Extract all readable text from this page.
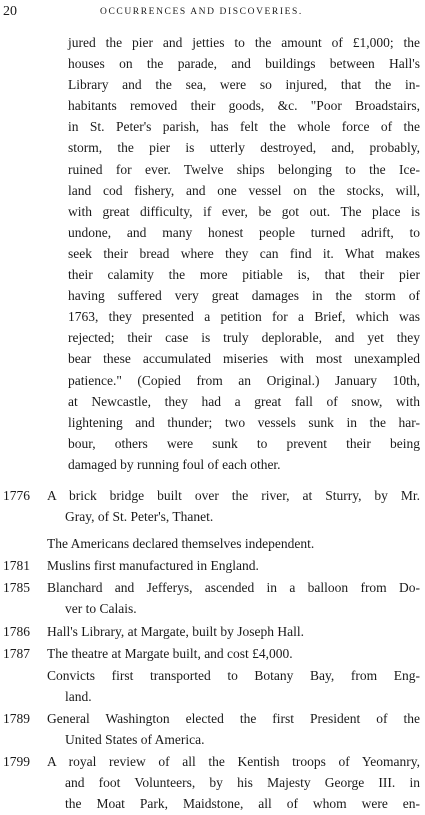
20	OCCURRENCES AND DISCOVERIES.
jured the pier and jetties to the amount of £1,000; the
houses on the parade, and buildings between Hall's
Library and the sea, were so injured, that the in-
habitants removed their goods, &c. "Poor Broadstairs,
in St. Peter's parish, has felt the whole force of the
storm, the pier is utterly destroyed, and, probably,
ruined for ever. Twelve ships belonging to the Ice-
land cod fishery, and one vessel on the stocks, will,
with great difficulty, if ever, be got out. The place is
undone, and many honest people turned adrift, to
seek their bread where they can find it. What makes
their calamity the more pitiable is, that their pier
having suffered very great damages in the storm of
1763, they presented a petition for a Brief, which was
rejected; their case is truly deplorable, and yet they
bear these accumulated miseries with most unexampled
patience." (Copied from an Original.) January 10th,
at Newcastle, they had a great fall of snow, with
lightening and thunder; two vessels sunk in the har-
bour, others were sunk to prevent their being
damaged by running foul of each other.
1776 A brick bridge built over the river, at Sturry, by Mr.
Gray, of St. Peter's, Thanet.
The Americans declared themselves independent.
1781 Muslins first manufactured in England.
1785 Blanchard and Jefferys, ascended in a balloon from Do-
ver to Calais.
1786 Hall's Library, at Margate, built by Joseph Hall.
1787 The theatre at Margate built, and cost £4,000.
Convicts first transported to Botany Bay, from Eng-
land.
1789 General Washington elected the first President of the
United States of America.
1799 A royal review of all the Kentish troops of Yeomanry,
and foot Volunteers, by his Majesty George III. in
the Moat Park, Maidstone, all of whom were en-
